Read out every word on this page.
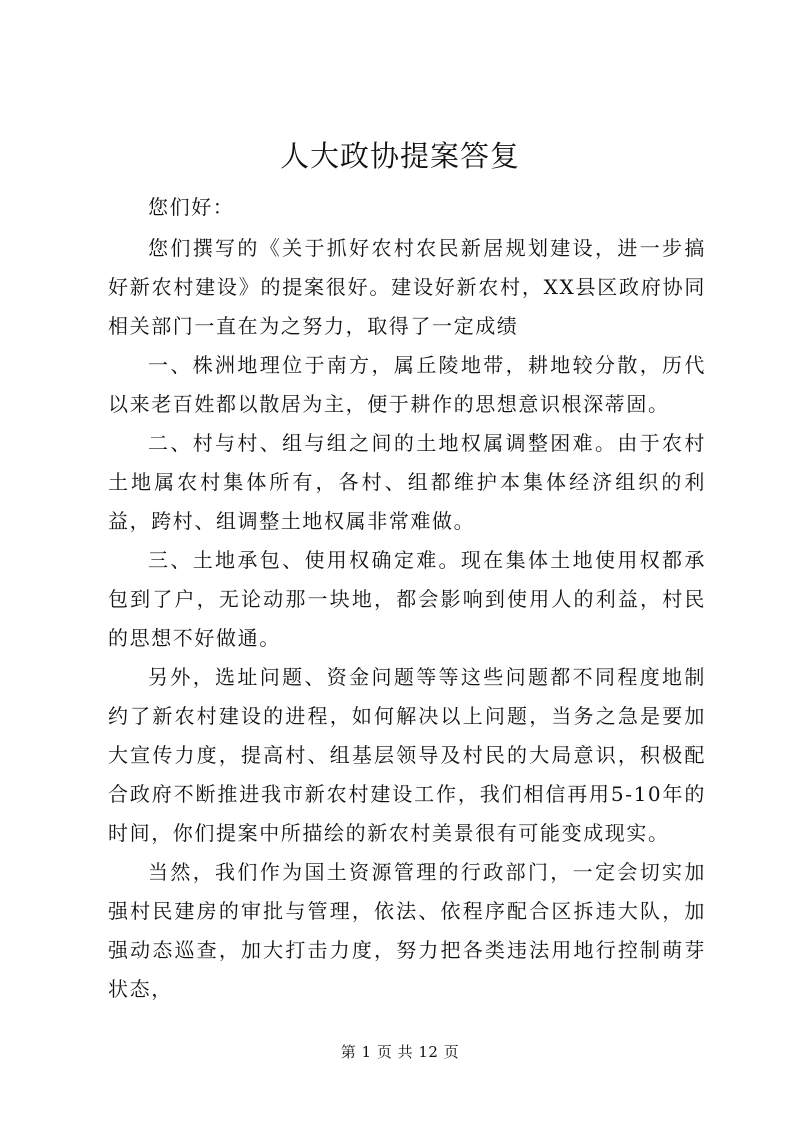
人大政协提案答复

您们好：

您们撰写的《关于抓好农村农民新居规划建设，进一步搞好新农村建设》的提案很好。建设好新农村，XX县区政府协同相关部门一直在为之努力，取得了一定成绩

一、株洲地理位于南方，属丘陵地带，耕地较分散，历代以来老百姓都以散居为主，便于耕作的思想意识根深蒂固。

二、村与村、组与组之间的土地权属调整困难。由于农村土地属农村集体所有，各村、组都维护本集体经济组织的利益，跨村、组调整土地权属非常难做。

三、土地承包、使用权确定难。现在集体土地使用权都承包到了户，无论动那一块地，都会影响到使用人的利益，村民的思想不好做通。

另外，选址问题、资金问题等等这些问题都不同程度地制约了新农村建设的进程，如何解决以上问题，当务之急是要加大宣传力度，提高村、组基层领导及村民的大局意识，积极配合政府不断推进我市新农村建设工作，我们相信再用5-10年的时间，你们提案中所描绘的新农村美景很有可能变成现实。

当然，我们作为国土资源管理的行政部门，一定会切实加强村民建房的审批与管理，依法、依程序配合区拆违大队，加强动态巡查，加大打击力度，努力把各类违法用地行控制萌芽状态，

第 1 页 共 12 页
